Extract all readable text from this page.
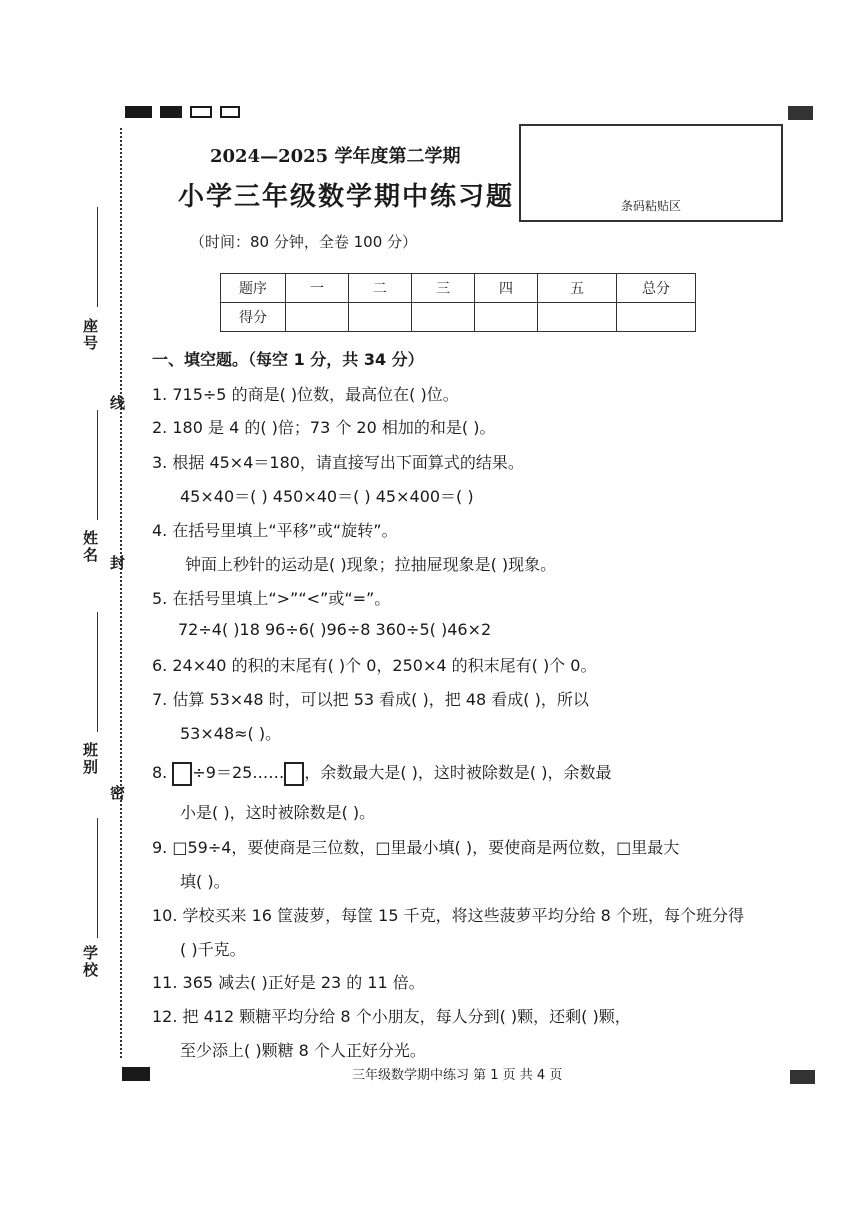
座号
线
姓名 封
班别
密
学校
2024—2025 学年度第二学期
小学三年级数学期中练习题
（时间：80 分钟，全卷 100 分）
条码粘贴区
题序	一	二	三	四	五	总分
得分						
一、填空题。（每空 1 分，共 34 分）
1. 715÷5 的商是( )位数，最高位在( )位。
2. 180 是 4 的( )倍；73 个 20 相加的和是( )。
3. 根据 45×4＝180，请直接写出下面算式的结果。
45×40＝( ) 450×40＝( ) 45×400＝( )
4. 在括号里填上“平移”或“旋转”。
钟面上秒针的运动是( )现象；拉抽屉现象是( )现象。
5. 在括号里填上“>”“<”或“=”。
72÷4( )18 96÷6( )96÷8 360÷5( )46×2
6. 24×40 的积的末尾有( )个 0，250×4 的积末尾有( )个 0。
7. 估算 53×48 时，可以把 53 看成( )，把 48 看成( )，所以
53×48≈( )。
8. ÷9＝25…… ，余数最大是( )，这时被除数是( )，余数最
小是( )，这时被除数是( )。
9. □59÷4，要使商是三位数，□里最小填( )，要使商是两位数，□里最大
填( )。
10. 学校买来 16 筐菠萝，每筐 15 千克，将这些菠萝平均分给 8 个班，每个班分得
( )千克。
11. 365 减去( )正好是 23 的 11 倍。
12. 把 412 颗糖平均分给 8 个小朋友，每人分到( )颗，还剩( )颗，
至少添上( )颗糖 8 个人正好分光。
三年级数学期中练习 第 1 页 共 4 页
